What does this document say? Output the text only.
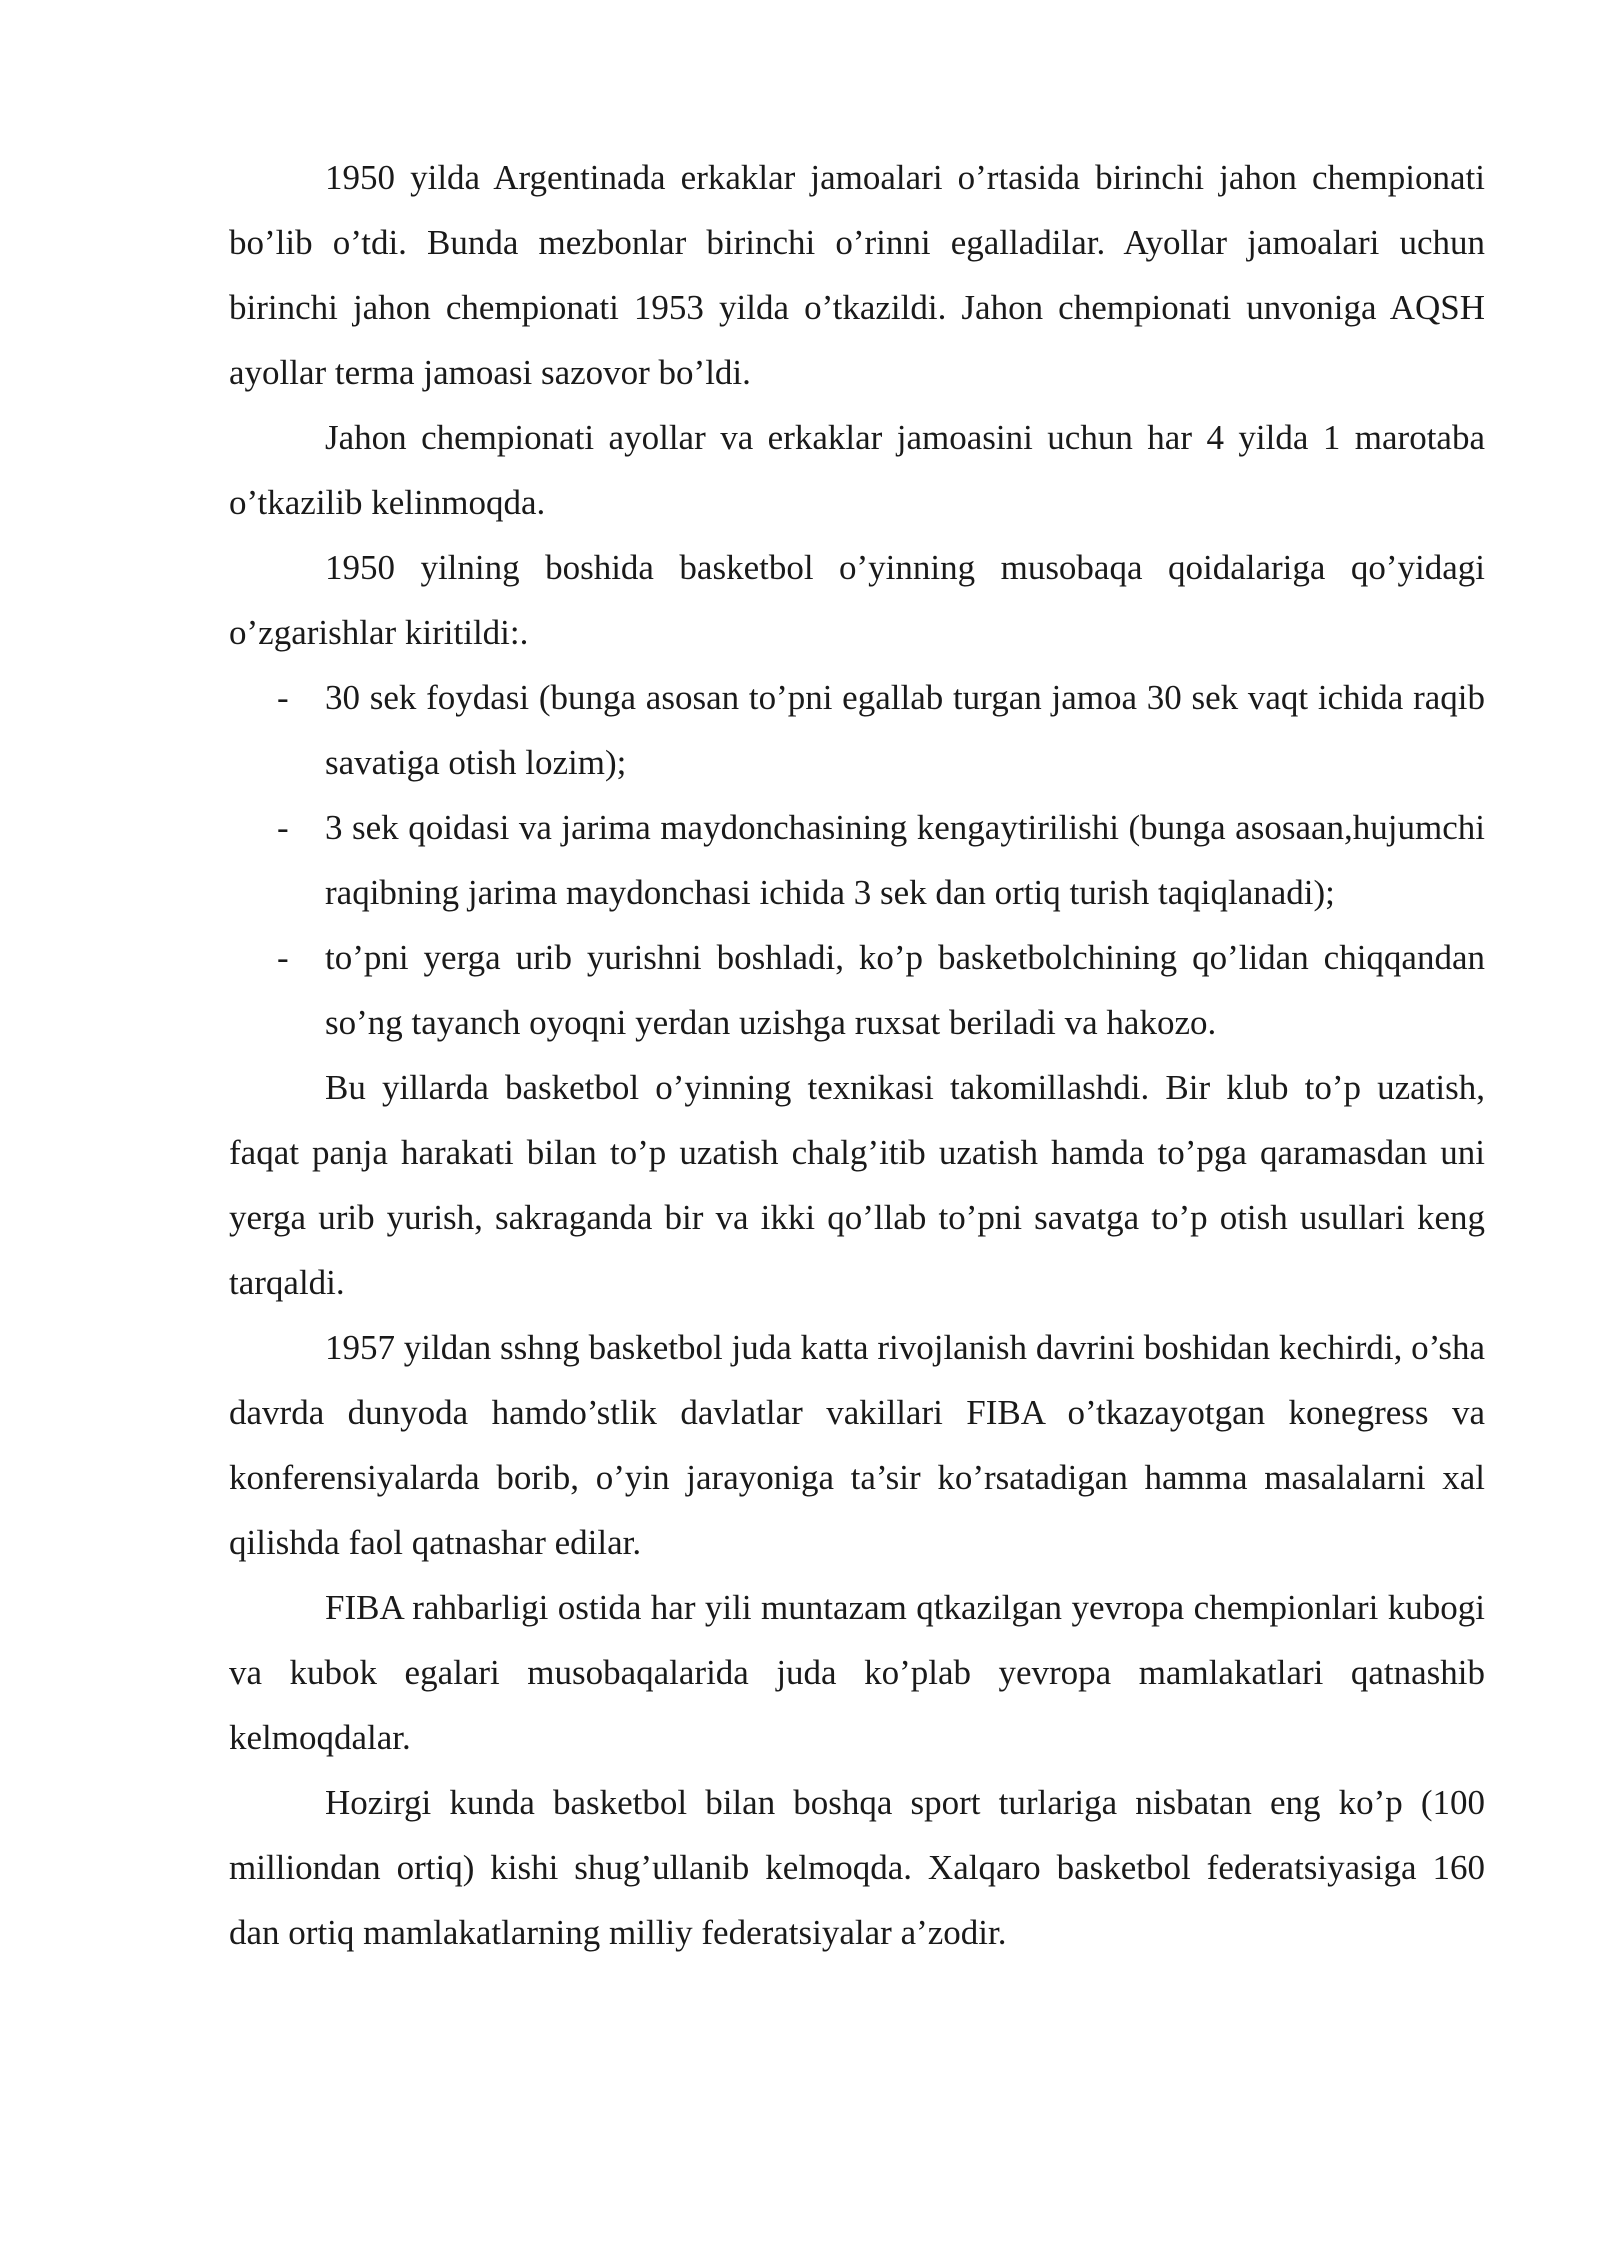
1950 yilda Argentinada erkaklar jamoalari o’rtasida birinchi jahon chempionati bo’lib o’tdi. Bunda mezbonlar birinchi o’rinni egalladilar. Ayollar jamoalari uchun birinchi jahon chempionati 1953 yilda o’tkazildi. Jahon chempionati unvoniga AQSH ayollar terma jamoasi sazovor bo’ldi.

Jahon chempionati ayollar va erkaklar jamoasini uchun har 4 yilda 1 marotaba o’tkazilib kelinmoqda.

1950 yilning boshida basketbol o’yinning musobaqa qoidalariga qo’yidagi o’zgarishlar kiritildi:.

- 30 sek foydasi (bunga asosan to’pni egallab turgan jamoa 30 sek vaqt ichida raqib savatiga otish lozim);
- 3 sek qoidasi va jarima maydonchasining kengaytirilishi (bunga asosaan,hujumchi raqibning jarima maydonchasi ichida 3 sek dan ortiq turish taqiqlanadi);
- to’pni yerga urib yurishni boshladi, ko’p basketbolchining qo’lidan chiqqandan so’ng tayanch oyoqni yerdan uzishga ruxsat beriladi va hakozo.

Bu yillarda basketbol o’yinning texnikasi takomillashdi. Bir klub to’p uzatish, faqat panja harakati bilan to’p uzatish chalg’itib uzatish hamda to’pga qaramasdan uni yerga urib yurish, sakraganda bir va ikki qo’llab to’pni savatga to’p otish usullari keng tarqaldi.

1957 yildan sshng basketbol juda katta rivojlanish davrini boshidan kechirdi, o’sha davrda dunyoda hamdo’stlik davlatlar vakillari FIBA o’tkazayotgan konegress va konferensiyalarda borib, o’yin jarayoniga ta’sir ko’rsatadigan hamma masalalarni xal qilishda faol qatnashar edilar.

FIBA rahbarligi ostida har yili muntazam qtkazilgan yevropa chempionlari kubogi va kubok egalari musobaqalarida juda ko’plab yevropa mamlakatlari qatnashib kelmoqdalar.

Hozirgi kunda basketbol bilan boshqa sport turlariga nisbatan eng ko’p (100 milliondan ortiq) kishi shug’ullanib kelmoqda. Xalqaro basketbol federatsiyasiga 160 dan ortiq mamlakatlarning milliy federatsiyalar a’zodir.
